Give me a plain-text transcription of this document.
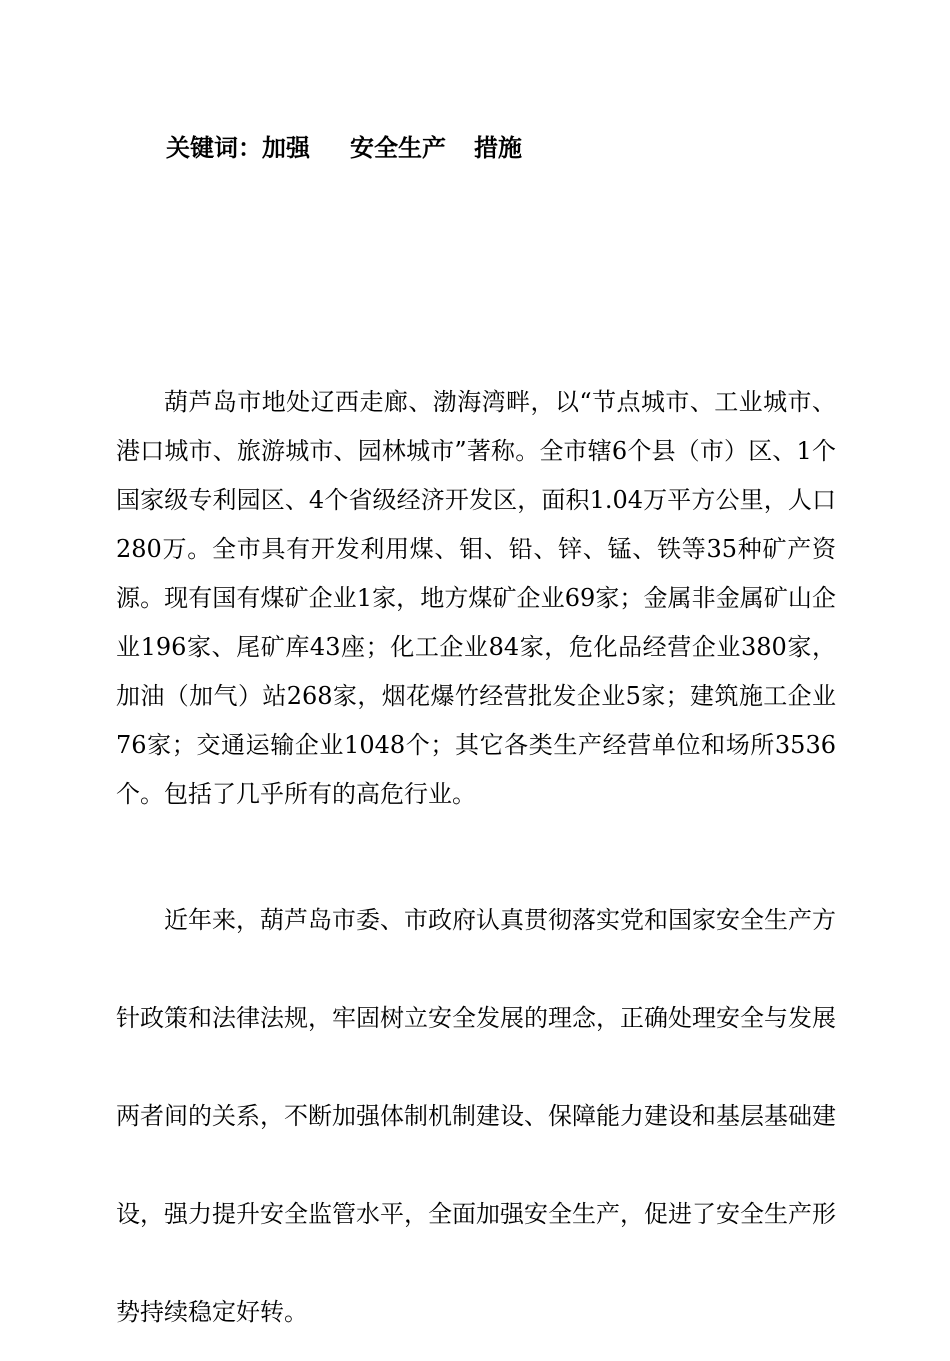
关键词：加强 安全生产 措施

葫芦岛市地处辽西走廊、渤海湾畔，以“节点城市、工业城市、港口城市、旅游城市、园林城市”著称。全市辖6个县（市）区、1个国家级专利园区、4个省级经济开发区，面积1.04万平方公里，人口280万。全市具有开发利用煤、钼、铅、锌、锰、铁等35种矿产资源。现有国有煤矿企业1家，地方煤矿企业69家；金属非金属矿山企业196家、尾矿库43座；化工企业84家，危化品经营企业380家，加油（加气）站268家，烟花爆竹经营批发企业5家；建筑施工企业76家；交通运输企业1048个；其它各类生产经营单位和场所3536个。包括了几乎所有的高危行业。

近年来，葫芦岛市委、市政府认真贯彻落实党和国家安全生产方针政策和法律法规，牢固树立安全发展的理念，正确处理安全与发展两者间的关系，不断加强体制机制建设、保障能力建设和基层基础建设，强力提升安全监管水平，全面加强安全生产，促进了安全生产形势持续稳定好转。
